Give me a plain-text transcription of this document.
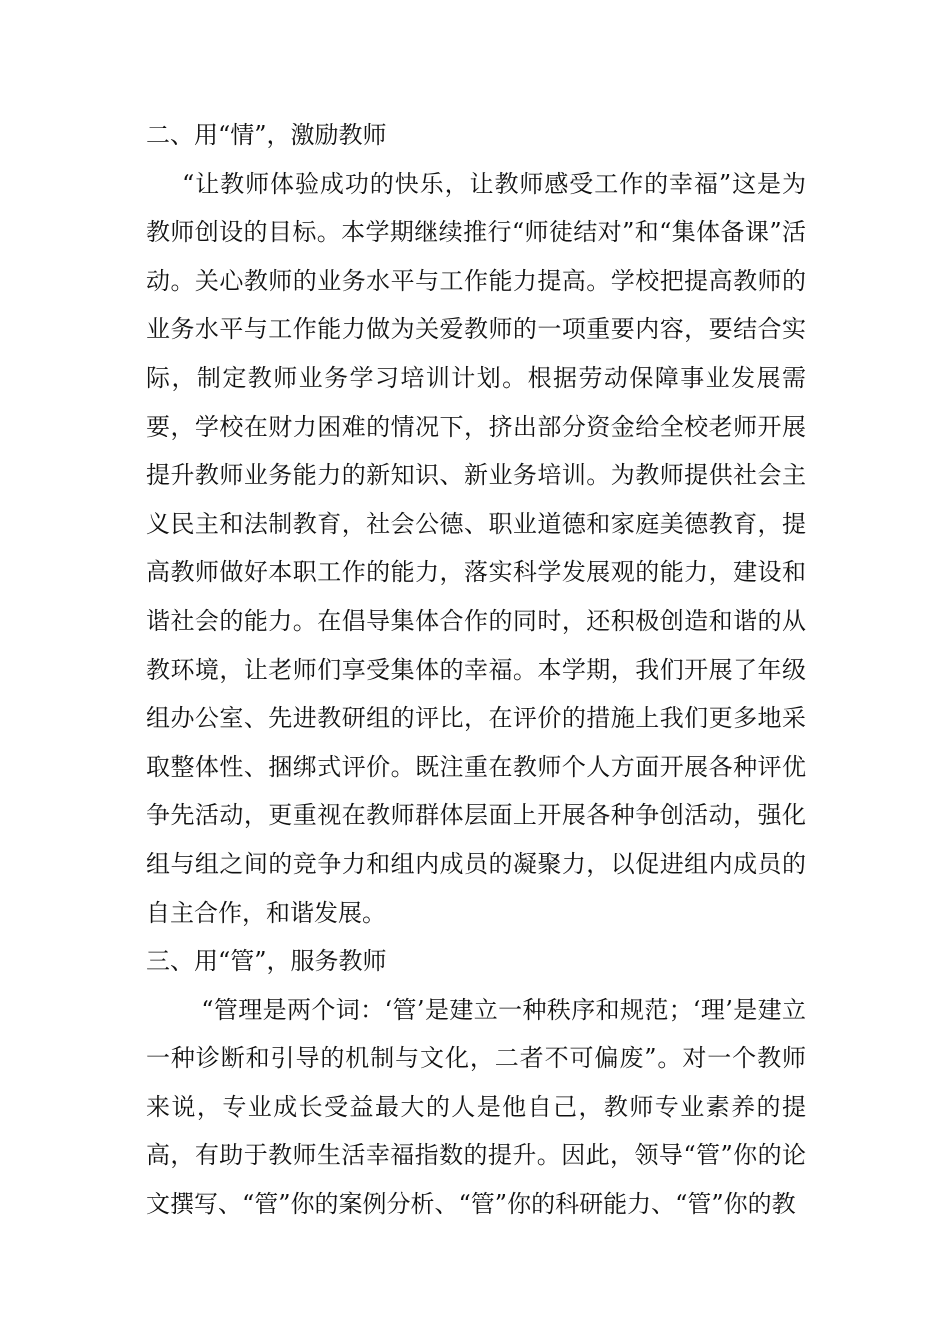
二、用“情”，激励教师

“让教师体验成功的快乐，让教师感受工作的幸福”这是为教师创设的目标。本学期继续推行“师徒结对”和“集体备课”活动。关心教师的业务水平与工作能力提高。学校把提高教师的业务水平与工作能力做为关爱教师的一项重要内容，要结合实际，制定教师业务学习培训计划。根据劳动保障事业发展需要，学校在财力困难的情况下，挤出部分资金给全校老师开展提升教师业务能力的新知识、新业务培训。为教师提供社会主义民主和法制教育，社会公德、职业道德和家庭美德教育，提高教师做好本职工作的能力，落实科学发展观的能力，建设和谐社会的能力。在倡导集体合作的同时，还积极创造和谐的从教环境，让老师们享受集体的幸福。本学期，我们开展了年级组办公室、先进教研组的评比，在评价的措施上我们更多地采取整体性、捆绑式评价。既注重在教师个人方面开展各种评优争先活动，更重视在教师群体层面上开展各种争创活动，强化组与组之间的竞争力和组内成员的凝聚力，以促进组内成员的自主合作，和谐发展。

三、用“管”，服务教师

“管理是两个词：‘管’是建立一种秩序和规范；‘理’是建立一种诊断和引导的机制与文化，二者不可偏废”。对一个教师来说，专业成长受益最大的人是他自己，教师专业素养的提高，有助于教师生活幸福指数的提升。因此，领导“管”你的论文撰写、“管”你的案例分析、“管”你的科研能力、“管”你的教
